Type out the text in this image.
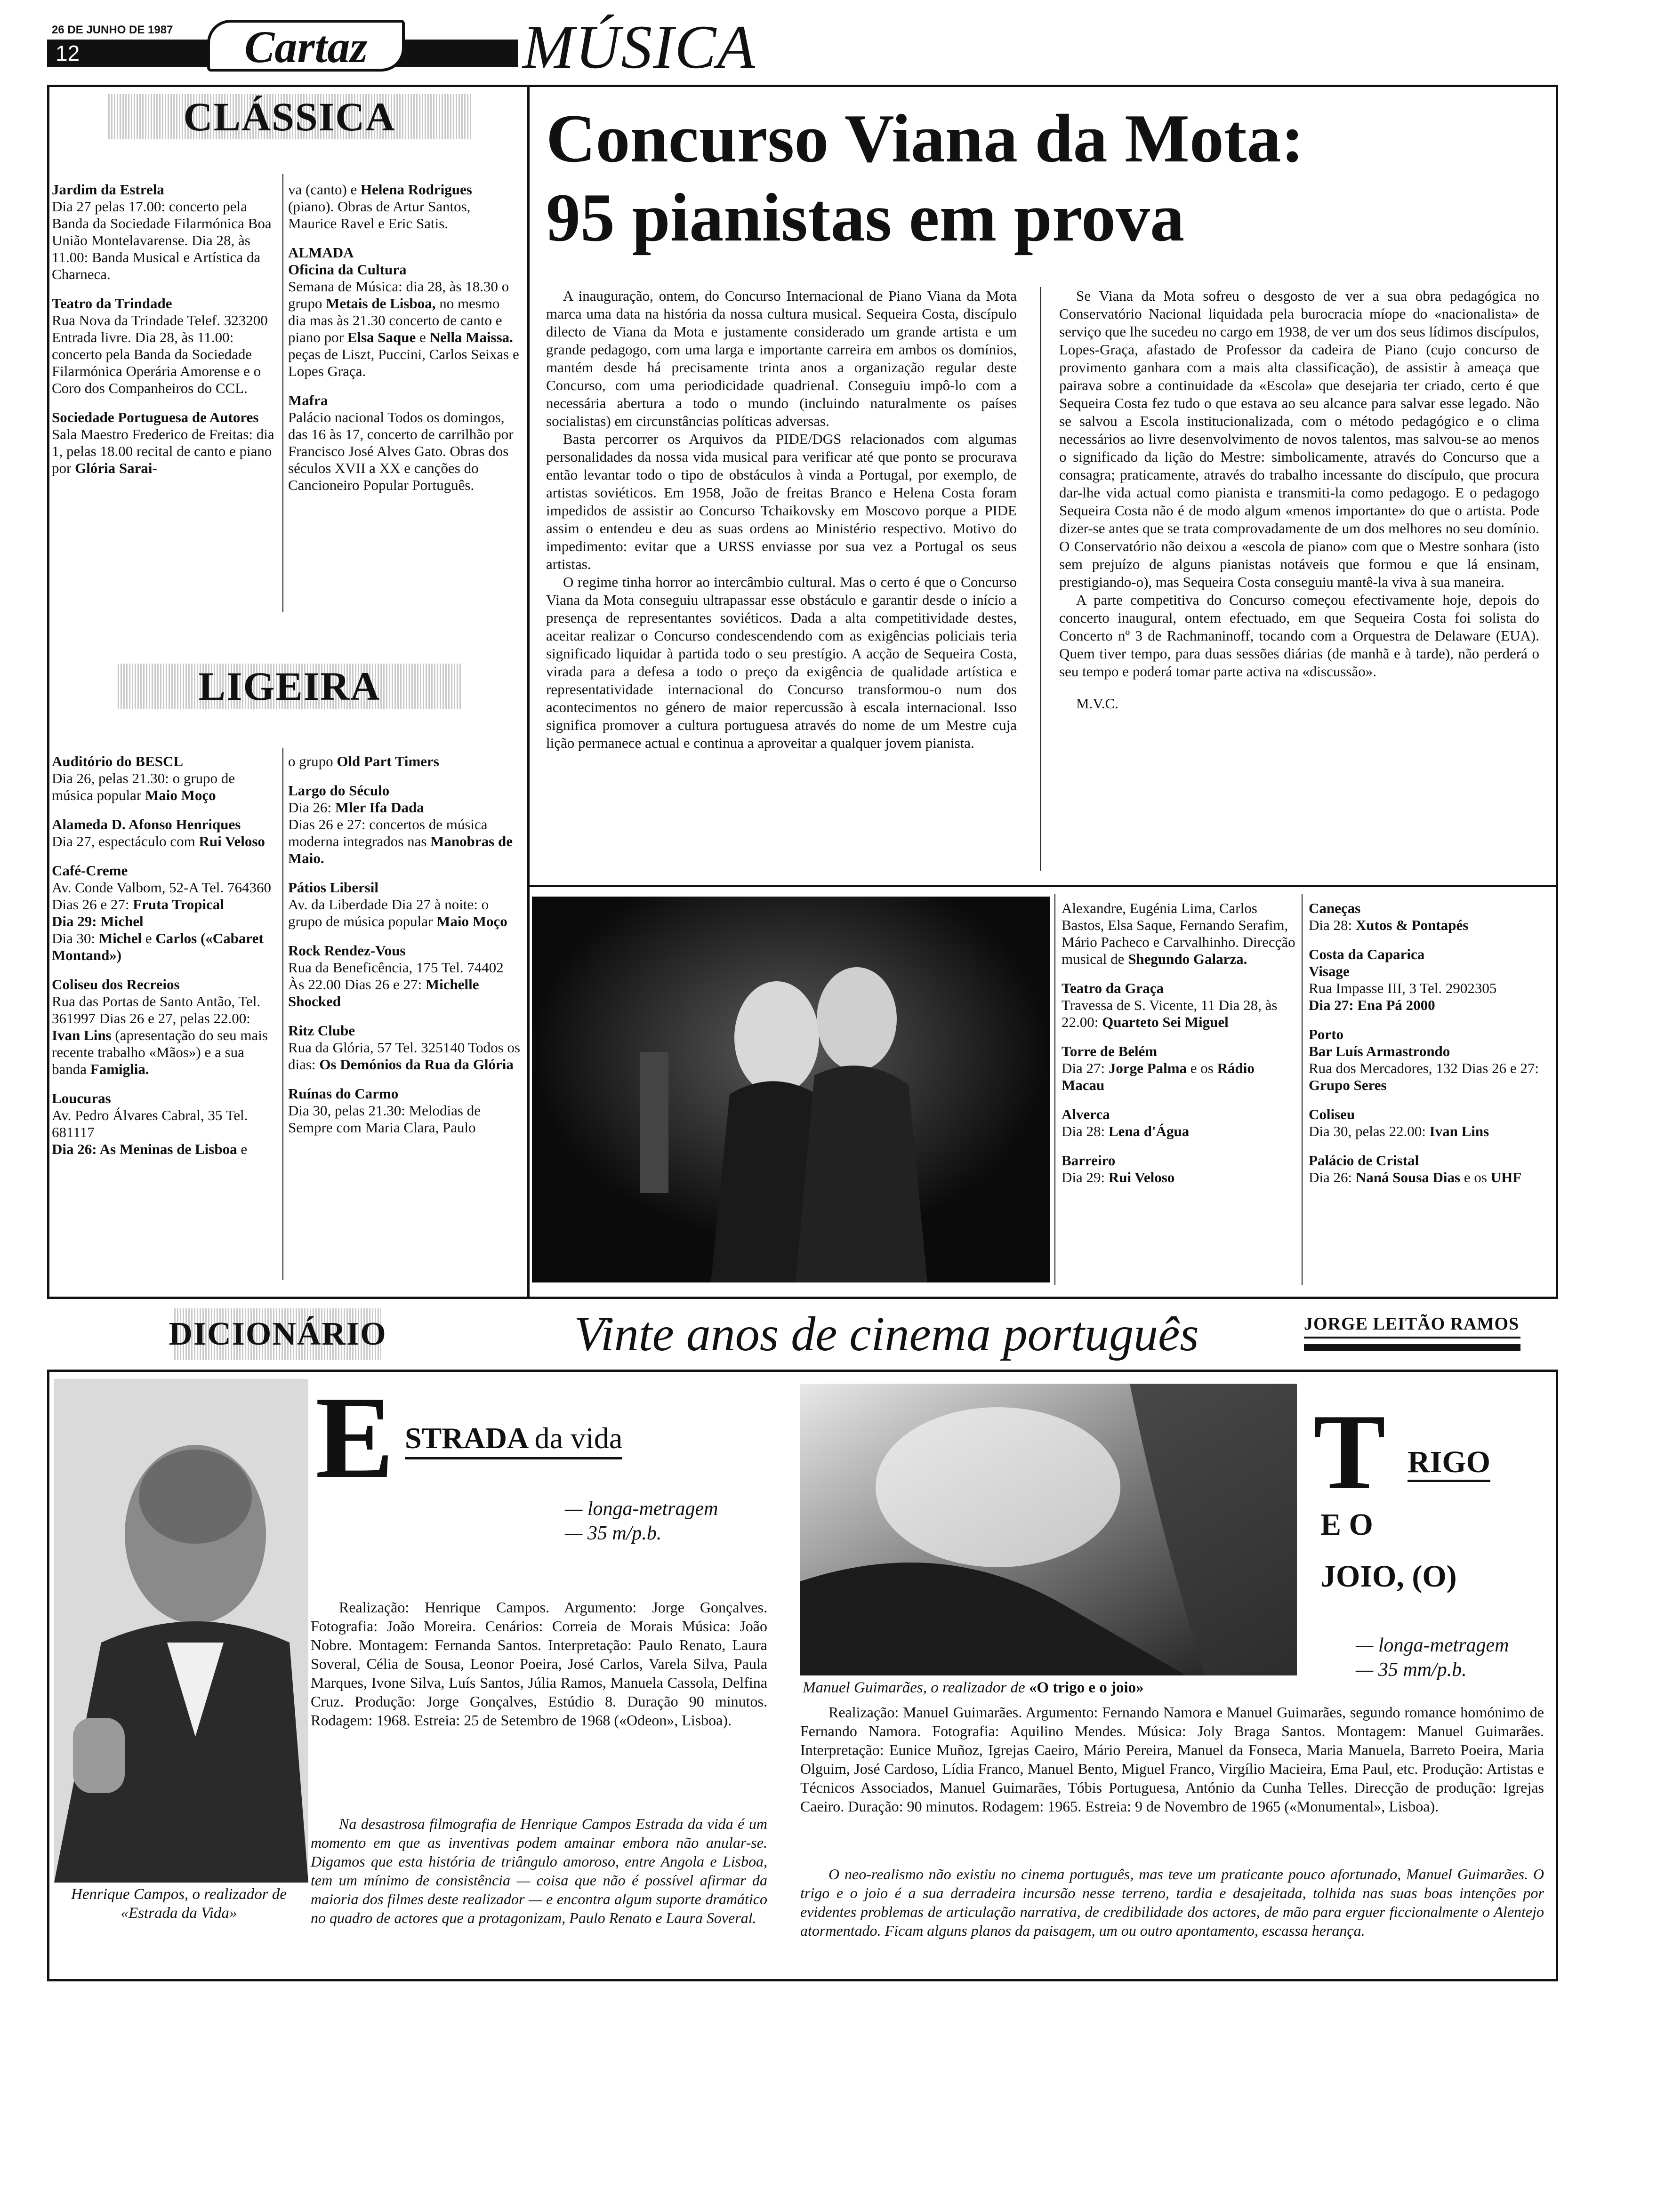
26 DE JUNHO DE 1987
12	Cartaz	MÚSICA
CLÁSSICA
Jardim da Estrela
Dia 27 pelas 17.00: concerto pela Banda da Sociedade Filarmónica Boa União Montelavarense. Dia 28, às 11.00: Banda Musical e Artística da Charneca.
Teatro da Trindade
Rua Nova da Trindade Telef. 323200 Entrada livre. Dia 28, às 11.00: concerto pela Banda da Sociedade Filarmónica Operária Amorense e o Coro dos Companheiros do CCL.
Sociedade Portuguesa de Autores
Sala Maestro Frederico de Freitas: dia 1, pelas 18.00 recital de canto e piano por Glória Sarai-
va (canto) e Helena Rodrigues (piano). Obras de Artur Santos, Maurice Ravel e Eric Satis.
ALMADA
Oficina da Cultura
Semana de Música: dia 28, às 18.30 o grupo Metais de Lisboa, no mesmo dia mas às 21.30 concerto de canto e piano por Elsa Saque e Nella Maissa. peças de Liszt, Puccini, Carlos Seixas e Lopes Graça.
Mafra
Palácio nacional Todos os domingos, das 16 às 17, concerto de carrilhão por Francisco José Alves Gato. Obras dos séculos XVII a XX e canções do Cancioneiro Popular Português.
LIGEIRA
Auditório do BESCL
Dia 26, pelas 21.30: o grupo de música popular Maio Moço
Alameda D. Afonso Henriques
Dia 27, espectáculo com Rui Veloso
Café-Creme
Av. Conde Valbom, 52-A Tel. 764360 Dias 26 e 27: Fruta Tropical
Dia 29: Michel
Dia 30: Michel e Carlos («Cabaret Montand»)
Coliseu dos Recreios
Rua das Portas de Santo Antão, Tel. 361997 Dias 26 e 27, pelas 22.00: Ivan Lins (apresentação do seu mais recente trabalho «Mãos») e a sua banda Famiglia.
Loucuras
Av. Pedro Álvares Cabral, 35 Tel. 681117
Dia 26: As Meninas de Lisboa e
o grupo Old Part Timers
Largo do Século
Dia 26: Mler Ifa Dada
Dias 26 e 27: concertos de música moderna integrados nas Manobras de Maio.
Pátios Libersil
Av. da Liberdade Dia 27 à noite: o grupo de música popular Maio Moço
Rock Rendez-Vous
Rua da Beneficência, 175 Tel. 74402 Às 22.00 Dias 26 e 27: Michelle Shocked
Ritz Clube
Rua da Glória, 57 Tel. 325140 Todos os dias: Os Demónios da Rua da Glória
Ruínas do Carmo
Dia 30, pelas 21.30: Melodias de Sempre com Maria Clara, Paulo
Concurso Viana da Mota:
95 pianistas em prova

A inauguração, ontem, do Concurso Internacional de Piano Viana da Mota marca uma data na história da nossa cultura musical. Sequeira Costa, discípulo dilecto de Viana da Mota e justamente considerado um grande artista e um grande pedagogo, com uma larga e importante carreira em ambos os domínios, mantém desde há precisamente trinta anos a organização regular deste Concurso, com uma periodicidade quadrienal. Conseguiu impô-lo com a necessária abertura a todo o mundo (incluindo naturalmente os países socialistas) em circunstâncias políticas adversas.

Basta percorrer os Arquivos da PIDE/DGS relacionados com algumas personalidades da nossa vida musical para verificar até que ponto se procurava então levantar todo o tipo de obstáculos à vinda a Portugal, por exemplo, de artistas soviéticos. Em 1958, João de freitas Branco e Helena Costa foram impedidos de assistir ao Concurso Tchaikovsky em Moscovo porque a PIDE assim o entendeu e deu as suas ordens ao Ministério respectivo. Motivo do impedimento: evitar que a URSS enviasse por sua vez a Portugal os seus artistas.

O regime tinha horror ao intercâmbio cultural. Mas o certo é que o Concurso Viana da Mota conseguiu ultrapassar esse obstáculo e garantir desde o início a presença de representantes soviéticos. Dada a alta competitividade destes, aceitar realizar o Concurso condescendendo com as exigências policiais teria significado liquidar à partida todo o seu prestígio. A acção de Sequeira Costa, virada para a defesa a todo o preço da exigência de qualidade artística e representatividade internacional do Concurso transformou-o num dos acontecimentos no género de maior repercussão à escala internacional. Isso significa promover a cultura portuguesa através do nome de um Mestre cuja lição permanece actual e continua a aproveitar a qualquer jovem pianista.

Se Viana da Mota sofreu o desgosto de ver a sua obra pedagógica no Conservatório Nacional liquidada pela burocracia míope do «nacionalista» de serviço que lhe sucedeu no cargo em 1938, de ver um dos seus lídimos discípulos, Lopes-Graça, afastado de Professor da cadeira de Piano (cujo concurso de provimento ganhara com a mais alta classificação), de assistir à ameaça que pairava sobre a continuidade da «Escola» que desejaria ter criado, certo é que Sequeira Costa fez tudo o que estava ao seu alcance para salvar esse legado. Não se salvou a Escola institucionalizada, com o método pedagógico e o clima necessários ao livre desenvolvimento de novos talentos, mas salvou-se ao menos o significado da lição do Mestre: simbolicamente, através do Concurso que a consagra; praticamente, através do trabalho incessante do discípulo, que procura dar-lhe vida actual como pianista e transmiti-la como pedagogo. E o pedagogo Sequeira Costa não é de modo algum «menos importante» do que o artista. Pode dizer-se antes que se trata comprovadamente de um dos melhores no seu domínio. O Conservatório não deixou a «escola de piano» com que o Mestre sonhara (isto sem prejuízo de alguns pianistas notáveis que formou e que lá ensinam, prestigiando-o), mas Sequeira Costa conseguiu mantê-la viva à sua maneira.

A parte competitiva do Concurso começou efectivamente hoje, depois do concerto inaugural, ontem efectuado, em que Sequeira Costa foi solista do Concerto nº 3 de Rachmaninoff, tocando com a Orquestra de Delaware (EUA). Quem tiver tempo, para duas sessões diárias (de manhã e à tarde), não perderá o seu tempo e poderá tomar parte activa na «discussão».

M.V.C.

Alexandre, Eugénia Lima, Carlos Bastos, Elsa Saque, Fernando Serafim, Mário Pacheco e Carvalhinho. Direcção musical de Shegundo Galarza.
Teatro da Graça
Travessa de S. Vicente, 11 Dia 28, às 22.00: Quarteto Sei Miguel
Torre de Belém
Dia 27: Jorge Palma e os Rádio Macau
Alverca
Dia 28: Lena d'Água
Barreiro
Dia 29: Rui Veloso
Caneças
Dia 28: Xutos & Pontapés
Costa da Caparica
Visage
Rua Impasse III, 3 Tel. 2902305
Dia 27: Ena Pá 2000
Porto
Bar Luís Armastrondo
Rua dos Mercadores, 132 Dias 26 e 27: Grupo Seres
Coliseu
Dia 30, pelas 22.00: Ivan Lins
Palácio de Cristal
Dia 26: Naná Sousa Dias e os UHF
DICIONÁRIO	Vinte anos de cinema português	JORGE LEITÃO RAMOS
Henrique Campos, o realizador de «Estrada da Vida»
E STRADA da vida
— longa-metragem
— 35 m/p.b.
Realização: Henrique Campos. Argumento: Jorge Gonçalves. Fotografia: João Moreira. Cenários: Correia de Morais Música: João Nobre. Montagem: Fernanda Santos. Interpretação: Paulo Renato, Laura Soveral, Célia de Sousa, Leonor Poeira, José Carlos, Varela Silva, Paula Marques, Ivone Silva, Luís Santos, Júlia Ramos, Manuela Cassola, Delfina Cruz. Produção: Jorge Gonçalves, Estúdio 8. Duração 90 minutos. Rodagem: 1968. Estreia: 25 de Setembro de 1968 («Odeon», Lisboa).
Na desastrosa filmografia de Henrique Campos Estrada da vida é um momento em que as inventivas podem amainar embora não anular-se. Digamos que esta história de triângulo amoroso, entre Angola e Lisboa, tem um mínimo de consistência — coisa que não é possível afirmar da maioria dos filmes deste realizador — e encontra algum suporte dramático no quadro de actores que a protagonizam, Paulo Renato e Laura Soveral.
Manuel Guimarães, o realizador de «O trigo e o joio»
T RIGO
E O
JOIO, (O)
— longa-metragem
— 35 mm/p.b.
Realização: Manuel Guimarães. Argumento: Fernando Namora e Manuel Guimarães, segundo romance homónimo de Fernando Namora. Fotografia: Aquilino Mendes. Música: Joly Braga Santos. Montagem: Manuel Guimarães. Interpretação: Eunice Muñoz, Igrejas Caeiro, Mário Pereira, Manuel da Fonseca, Maria Manuela, Barreto Poeira, Maria Olguim, José Cardoso, Lídia Franco, Manuel Bento, Miguel Franco, Virgílio Macieira, Ema Paul, etc. Produção: Artistas e Técnicos Associados, Manuel Guimarães, Tóbis Portuguesa, António da Cunha Telles. Direcção de produção: Igrejas Caeiro. Duração: 90 minutos. Rodagem: 1965. Estreia: 9 de Novembro de 1965 («Monumental», Lisboa).
O neo-realismo não existiu no cinema português, mas teve um praticante pouco afortunado, Manuel Guimarães. O trigo e o joio é a sua derradeira incursão nesse terreno, tardia e desajeitada, tolhida nas suas boas intenções por evidentes problemas de articulação narrativa, de credibilidade dos actores, de mão para erguer ficcionalmente o Alentejo atormentado. Ficam alguns planos da paisagem, um ou outro apontamento, escassa herança.
